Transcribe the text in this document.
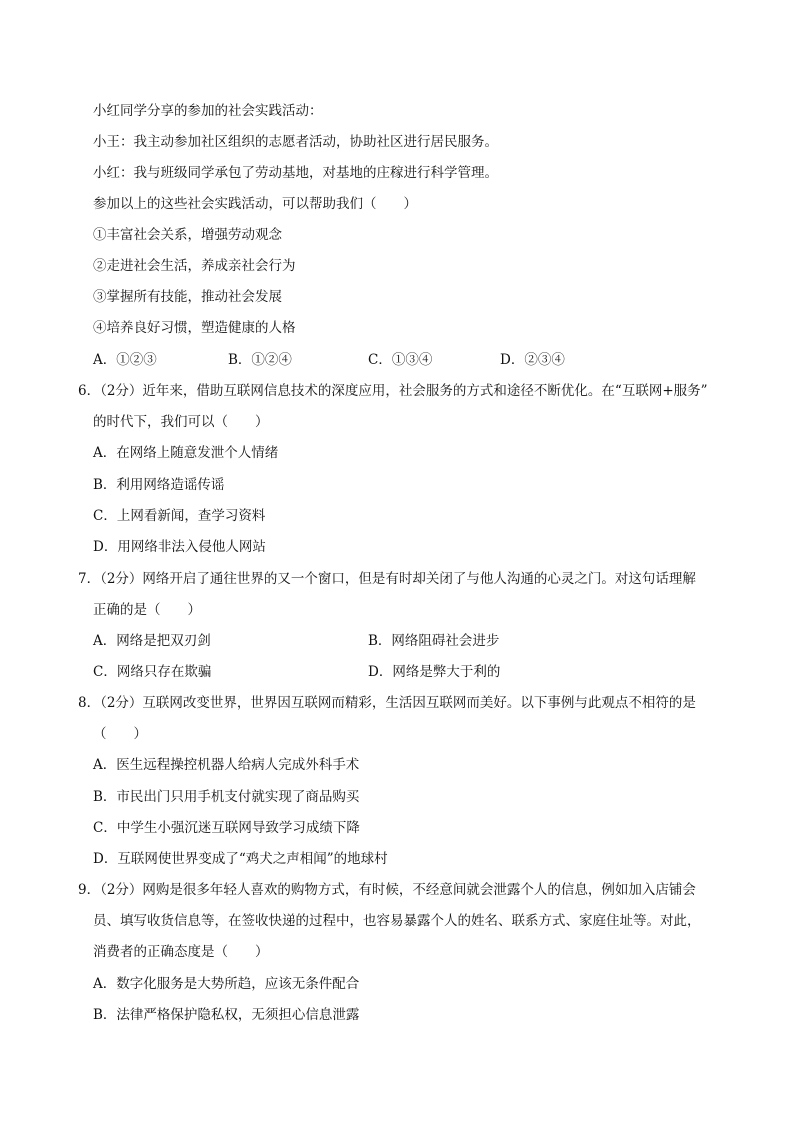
小红同学分享的参加的社会实践活动：
小王：我主动参加社区组织的志愿者活动，协助社区进行居民服务。
小红：我与班级同学承包了劳动基地，对基地的庄稼进行科学管理。
参加以上的这些社会实践活动，可以帮助我们（　　）
①丰富社会关系，增强劳动观念
②走进社会生活，养成亲社会行为
③掌握所有技能，推动社会发展
④培养良好习惯，塑造健康的人格
A．①②③	B．①②④	C．①③④	D．②③④
6．（2分）近年来，借助互联网信息技术的深度应用，社会服务的方式和途径不断优化。在“互联网+服务”
的时代下，我们可以（　　）
A．在网络上随意发泄个人情绪
B．利用网络造谣传谣
C．上网看新闻，查学习资料
D．用网络非法入侵他人网站
7．（2分）网络开启了通往世界的又一个窗口，但是有时却关闭了与他人沟通的心灵之门。对这句话理解
正确的是（　　）
A．网络是把双刃剑	B．网络阻碍社会进步
C．网络只存在欺骗	D．网络是弊大于利的
8．（2分）互联网改变世界，世界因互联网而精彩，生活因互联网而美好。以下事例与此观点不相符的是
（　　）
A．医生远程操控机器人给病人完成外科手术
B．市民出门只用手机支付就实现了商品购买
C．中学生小强沉迷互联网导致学习成绩下降
D．互联网使世界变成了“鸡犬之声相闻”的地球村
9．（2分）网购是很多年轻人喜欢的购物方式，有时候，不经意间就会泄露个人的信息，例如加入店铺会
员、填写收货信息等，在签收快递的过程中，也容易暴露个人的姓名、联系方式、家庭住址等。对此，
消费者的正确态度是（　　）
A．数字化服务是大势所趋，应该无条件配合
B．法律严格保护隐私权，无须担心信息泄露
